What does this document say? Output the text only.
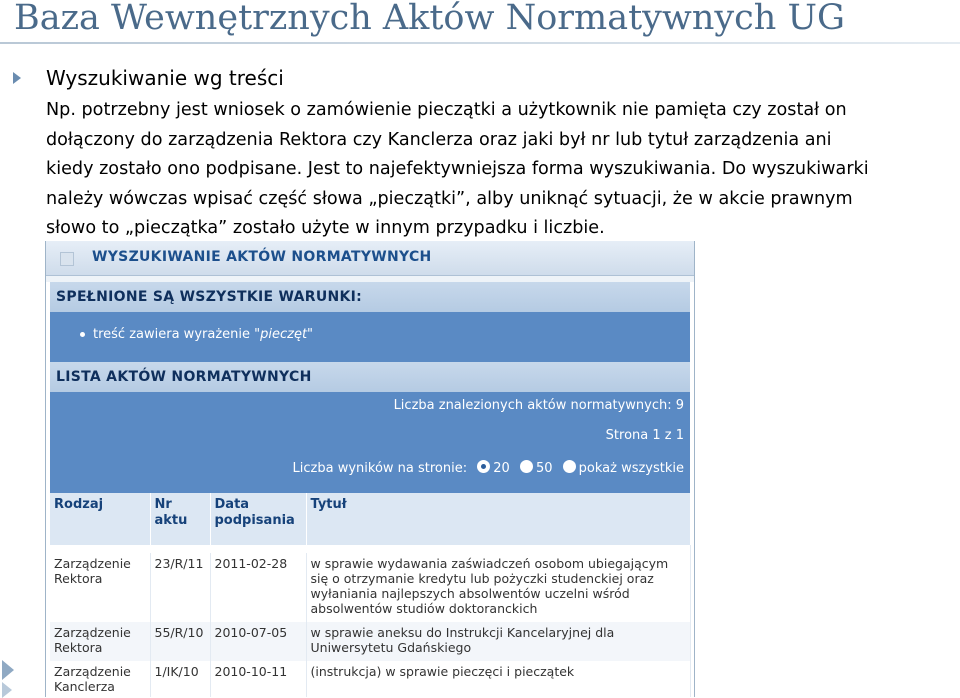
Baza Wewnętrznych Aktów Normatywnych UG
Wyszukiwanie wg treści
Np. potrzebny jest wniosek o zamówienie pieczątki a użytkownik nie pamięta czy został on
dołączony do zarządzenia Rektora czy Kanclerza oraz jaki był nr lub tytuł zarządzenia ani
kiedy zostało ono podpisane. Jest to najefektywniejsza forma wyszukiwania. Do wyszukiwarki
należy wówczas wpisać część słowa „pieczątki”, alby uniknąć sytuacji, że w akcie prawnym
słowo to „pieczątka” zostało użyte w innym przypadku i liczbie.
WYSZUKIWANIE AKTÓW NORMATYWNYCH
SPEŁNIONE SĄ WSZYSTKIE WARUNKI:
treść zawiera wyrażenie "pieczęt"
LISTA AKTÓW NORMATYWNYCH
Liczba znalezionych aktów normatywnych: 9
Strona 1 z 1
Liczba wyników na stronie: 20 50 pokaż wszystkie
Rodzaj	Nr aktu	Data podpisania	Tytuł

Zarządzenie Rektora	23/R/11	2011-02-28	w sprawie wydawania zaświadczeń osobom ubiegającym się o otrzymanie kredytu lub pożyczki studenckiej oraz wyłaniania najlepszych absolwentów uczelni wśród absolwentów studiów doktoranckich
Zarządzenie Rektora	55/R/10	2010-07-05	w sprawie aneksu do Instrukcji Kancelaryjnej dla Uniwersytetu Gdańskiego
Zarządzenie Kanclerza	1/IK/10	2010-10-11	(instrukcja) w sprawie pieczęci i pieczątek
